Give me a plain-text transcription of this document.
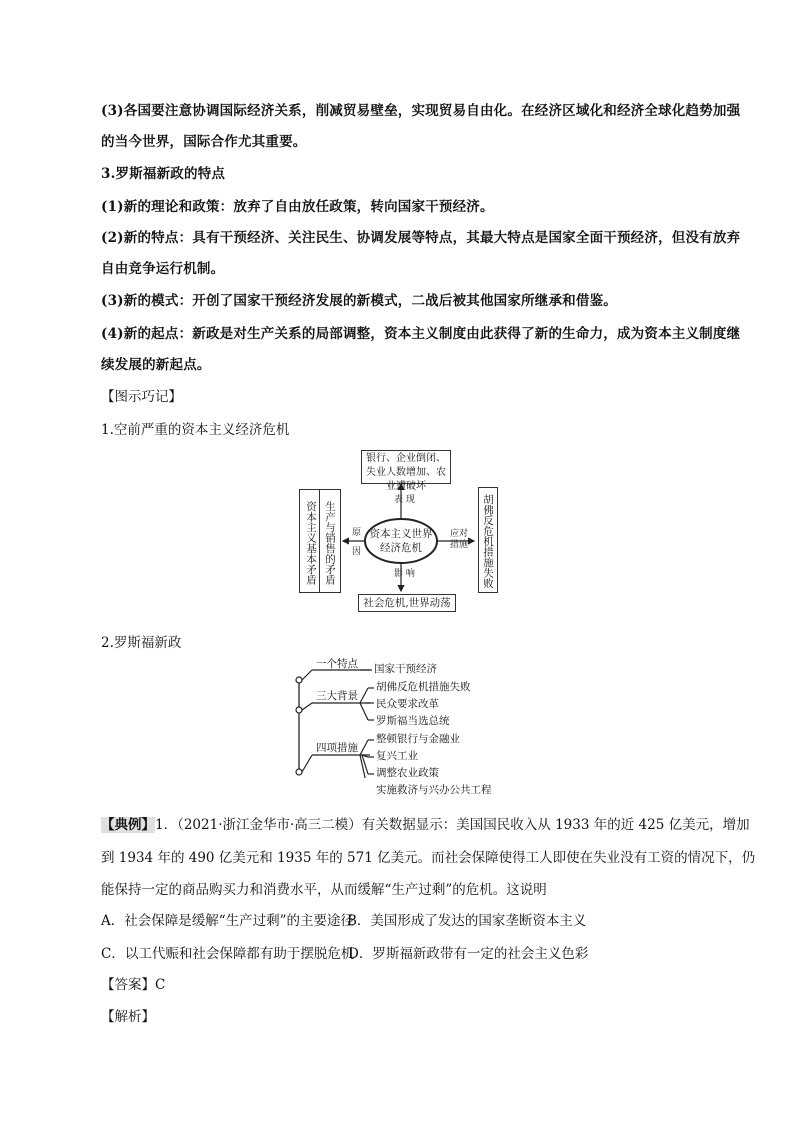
(3)各国要注意协调国际经济关系，削减贸易壁垒，实现贸易自由化。在经济区域化和经济全球化趋势加强
的当今世界，国际合作尤其重要。
3.罗斯福新政的特点
(1)新的理论和政策：放弃了自由放任政策，转向国家干预经济。
(2)新的特点：具有干预经济、关注民生、协调发展等特点，其最大特点是国家全面干预经济，但没有放弃
自由竞争运行机制。
(3)新的模式：开创了国家干预经济发展的新模式，二战后被其他国家所继承和借鉴。
(4)新的起点：新政是对生产关系的局部调整，资本主义制度由此获得了新的生命力，成为资本主义制度继
续发展的新起点。
【图示巧记】
1.空前严重的资本主义经济危机
资本主义世界经济危机
银行、企业倒闭、失业人数增加、农业遭破坏
表 现
资本主义基本矛盾 生产与销售的矛盾 原 因	应对措施 胡佛反危机措施失败
影 响
社会危机,世界动荡
2.罗斯福新政
一个特点 国家干预经济
三大背景
胡佛反危机措施失败
民众要求改革
罗斯福当选总统
四项措施
整顿银行与金融业
复兴工业
调整农业政策
实施救济与兴办公共工程
【典例】1．（2021·浙江金华市·高三二模）有关数据显示：美国国民收入从 1933 年的近 425 亿美元，增加
到 1934 年的 490 亿美元和 1935 年的 571 亿美元。而社会保障使得工人即使在失业没有工资的情况下，仍
能保持一定的商品购买力和消费水平，从而缓解“生产过剩”的危机。这说明
A．社会保障是缓解“生产过剩”的主要途径
B．美国形成了发达的国家垄断资本主义
C．以工代赈和社会保障都有助于摆脱危机
D．罗斯福新政带有一定的社会主义色彩
【答案】C
【解析】
